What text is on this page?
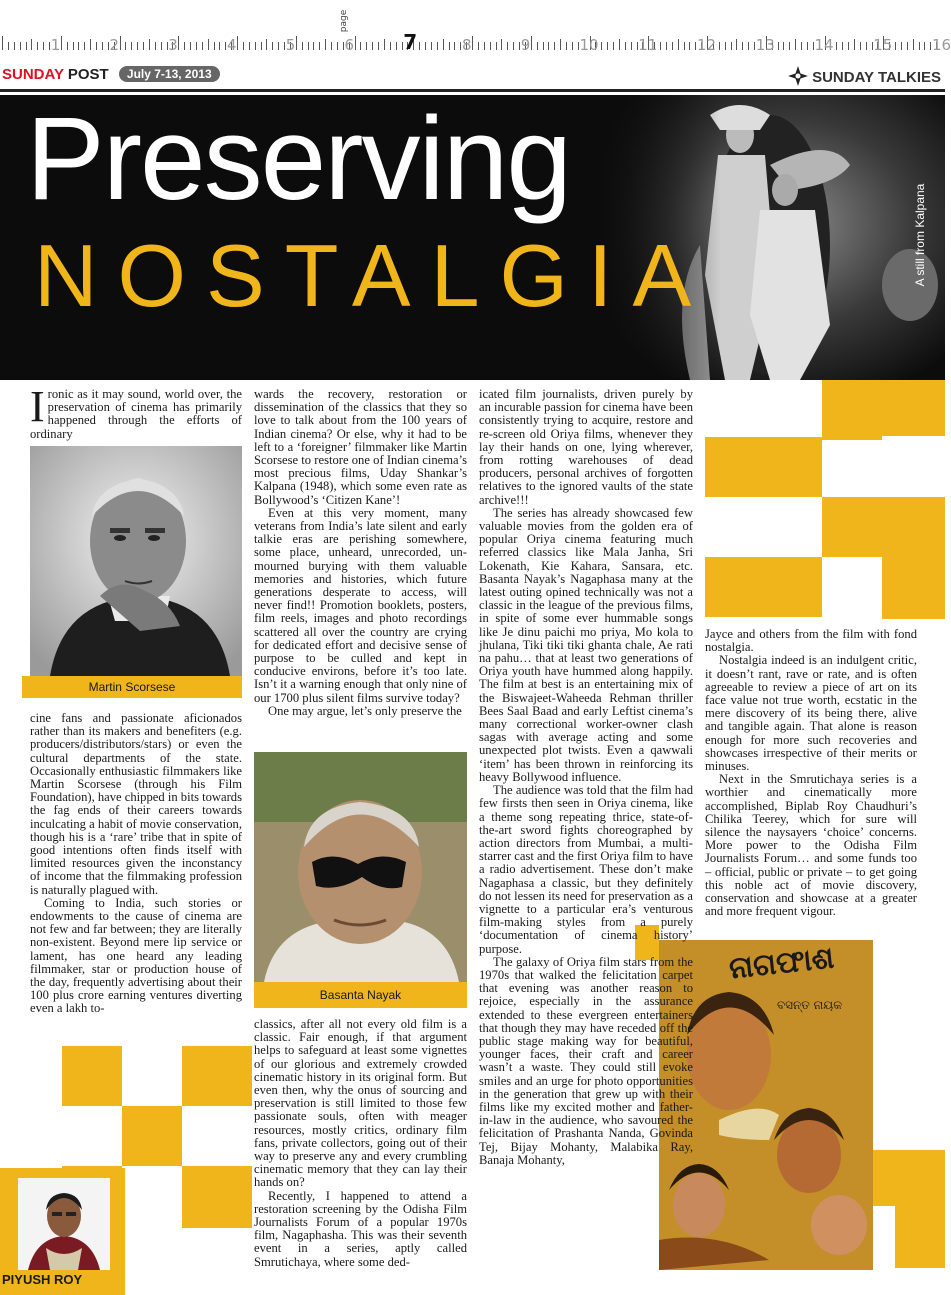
1	2	3	4	5	6 7	8	9	10	11	12	13	14	15	16
page
SUNDAY POST July 7-13, 2013	SUNDAY TALKIES
Preserving
NOSTALGIA	A still from Kalpana
Martin Scorsese
Basanta Nayak
ନାଗଫାଶ
ବସନ୍ତ ନାୟକ
PIYUSH ROY

Ironic as it may sound, world over, the preservation of cinema has primarily happened through the efforts of ordinary

cine fans and passionate aficionados rather than its makers and benefiters (e.g. producers/distributors/stars) or even the cultural departments of the state. Occasionally enthusiastic filmmakers like Martin Scorsese (through his Film Foundation), have chipped in bits towards the fag ends of their careers towards inculcating a habit of movie conservation, though his is a ‘rare’ tribe that in spite of good intentions often finds itself with limited resources given the inconstancy of income that the filmmaking profession is naturally plagued with.

Coming to India, such stories or endowments to the cause of cinema are not few and far between; they are literally non-existent. Beyond mere lip service or lament, has one heard any leading filmmaker, star or production house of the day, frequently advertising about their 100 plus crore earning ventures diverting even a lakh to-

wards the recovery, restoration or dissemination of the classics that they so love to talk about from the 100 years of Indian cinema? Or else, why it had to be left to a ‘foreigner’ filmmaker like Martin Scorsese to restore one of Indian cinema’s most precious films, Uday Shankar’s Kalpana (1948), which some even rate as Bollywood’s ‘Citizen Kane’!

Even at this very moment, many veterans from India’s late silent and early talkie eras are perishing somewhere, some place, unheard, unrecorded, un-mourned burying with them valuable memories and histories, which future generations desperate to access, will never find!! Promotion booklets, posters, film reels, images and photo recordings scattered all over the country are crying for dedicated effort and decisive sense of purpose to be culled and kept in conducive environs, before it’s too late. Isn’t it a warning enough that only nine of our 1700 plus silent films survive today?

One may argue, let’s only preserve the

classics, after all not every old film is a classic. Fair enough, if that argument helps to safeguard at least some vignettes of our glorious and extremely crowded cinematic history in its original form. But even then, why the onus of sourcing and preservation is still limited to those few passionate souls, often with meager resources, mostly critics, ordinary film fans, private collectors, going out of their way to preserve any and every crumbling cinematic memory that they can lay their hands on?

Recently, I happened to attend a restoration screening by the Odisha Film Journalists Forum of a popular 1970s film, Nagaphasha. This was their seventh event in a series, aptly called Smrutichaya, where some ded-

icated film journalists, driven purely by an incurable passion for cinema have been consistently trying to acquire, restore and re-screen old Oriya films, whenever they lay their hands on one, lying wherever, from rotting warehouses of dead producers, personal archives of forgotten relatives to the ignored vaults of the state archive!!!

The series has already showcased few valuable movies from the golden era of popular Oriya cinema featuring much referred classics like Mala Janha, Sri Lokenath, Kie Kahara, Sansara, etc. Basanta Nayak’s Nagaphasa many at the latest outing opined technically was not a classic in the league of the previous films, in spite of some ever hummable songs like Je dinu paichi mo priya, Mo kola to jhulana, Tiki tiki tiki ghanta chale, Ae rati na pahu… that at least two generations of Oriya youth have hummed along happily. The film at best is an entertaining mix of the Biswajeet-Waheeda Rehman thriller Bees Saal Baad and early Leftist cinema’s many correctional worker-owner clash sagas with average acting and some unexpected plot twists. Even a qawwali ‘item’ has been thrown in reinforcing its heavy Bollywood influence.

The audience was told that the film had few firsts then seen in Oriya cinema, like a theme song repeating thrice, state-of-the-art sword fights choreographed by action directors from Mumbai, a multi-starrer cast and the first Oriya film to have a radio advertisement. These don’t make Nagaphasa a classic, but they definitely do not lessen its need for preservation as a vignette to a particular era’s venturous film-making styles from a purely ‘documentation of cinema history’ purpose.

The galaxy of Oriya film stars from the 1970s that walked the felicitation carpet that evening was another reason to rejoice, especially in the assurance extended to these evergreen entertainers that though they may have receded off the public stage making way for beautiful, younger faces, their craft and career wasn’t a waste. They could still evoke smiles and an urge for photo opportunities in the generation that grew up with their films like my excited mother and father-in-law in the audience, who savoured the felicitation of Prashanta Nanda, Govinda Tej, Bijay Mohanty, Malabika Ray, Banaja Mohanty,

Jayce and others from the film with fond nostalgia.

Nostalgia indeed is an indulgent critic, it doesn’t rant, rave or rate, and is often agreeable to review a piece of art on its face value not true worth, ecstatic in the mere discovery of its being there, alive and tangible again. That alone is reason enough for more such recoveries and showcases irrespective of their merits or minuses.

Next in the Smrutichaya series is a worthier and cinematically more accomplished, Biplab Roy Chaudhuri’s Chilika Teerey, which for sure will silence the naysayers ‘choice’ concerns. More power to the Odisha Film Journalists Forum… and some funds too – official, public or private – to get going this noble act of movie discovery, conservation and showcase at a greater and more frequent vigour.
